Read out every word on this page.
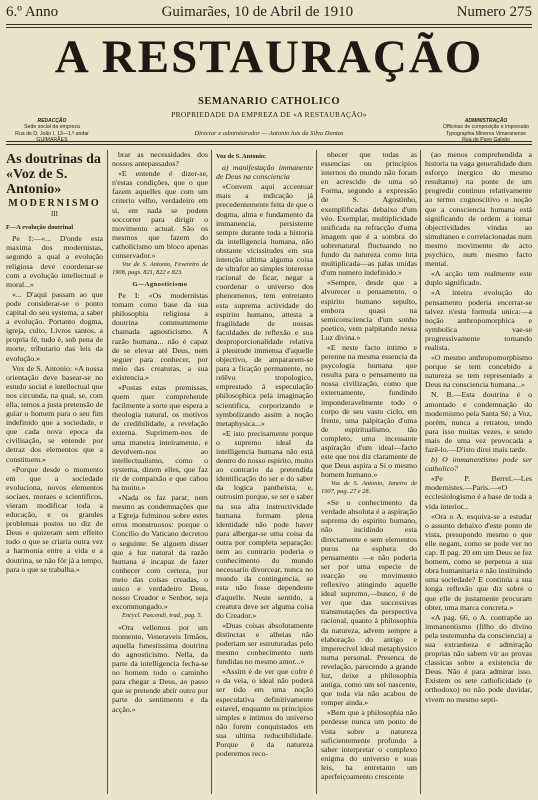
6.º Anno	Guimarães, 10 de Abril de 1910	Numero 275
A RESTAURAÇÃO
SEMANARIO CATHOLICO
PROPRIEDADE DA EMPREZA DE «A RESTAURAÇÃO»
REDACÇÃO
Sede social da empreza
Rua de D. João I, 13—1.º andar
GUIMARÃES
ADMINISTRAÇÃO
Officinas de composição e impressão
Typographia Minerva Vimaranense
Rua de Payo Galvão
Director e administrador — Antonio luis da Silva Dantas
As doutrinas da «Voz de S. Antonio»
MODERNISMO
III
F—A evolução doutrinal

Pe I:—«... D'onde esta maxima dos modernistas, segundo a qual a evolução religiosa deve coordenar-se com a evolução intellectual e moral...»

«... D'aqui passam ao que pode considerar-se o ponto capital do seu systema, a saber a evolução. Portanto dogma, igreja, culto, Livros santos, a propria fé, tudo é, sob pena de morte, tributario das leis da evolução.»

Vox de S. Antonio: «A nossa orientação deve basear-se no estudo social e intellectual que nos circunda, na qual, se, com ella, temos a justa pretensão de guiar o homem para o seu fim indefinido que a sociedade, e que cada nova epoca da civilisação, se entende por detraz dos elementos que a constituem.»

«Porque desde o momento em que a sociedade evoluciona, novos elementos sociaes, moraes e scientificos, vieram modificar toda a educação, e os grandes problemas postos no diz de Deus e quizeram sem effeito tudo o que se criaria outra vez a harmonia entre a vida e a doutrina, se não fôr já a tempo, para o que se trabalha.»

brar as necessidades dos nossos antepassados?

«E entende é dizer-se, n'estas condições, que o que fazem aquelles que com um criterio velho, verdadeiro em si, em nada se podem soccorrer para dirigir o movimento actual. São os mesmos que fazem do catholicismo um bloco apenas conservador.»

Voz de S. Antonio, Fevereiro de 1908, pags. 821, 822 e 823.

G—Agnosticismo

Pe I: «Os modernistas tomam como base da sua philosophia religiosa a doutrina commummente chamada agnosticismo. A razão humana... não é capaz de se elevar até Deus, nem seguer para conhecer, por meio das creaturas, a sua existencia.»

«Postas estas premissas, quem quer comprehende facilmente a sorte que espera a theologia natural, os motivos de credibilidade, a revelação externa. Suprimem-nos de uma maneira inteiramente, e devolvem-nos ao intellectualismo, como o systema, dizem elles, que faz rir de compaixão e que cahou ha muito.»

«Nada os faz parar, nem mesmo as condemnações que a Egreja fulminou sobre estes erros monstruosos: porque o Concilio do Vaticano decretou o seguinte: Se alguem disser que a luz natural da razão humana é incapaz de fazer conhecer com certeza, por meio das coisas creadas, o unico e verdadeiro Deus, nosso Creador e Senhor, seja excommungado.»

Encycl. Pascendi, trad., pag. 5.

«Ora vellemos por um momento, Veneraveis Irmãos, aquella funestissima doutrina do agnosticismo. Nella, da parte da intelligencia fecha-se no homem todo o caminho para chegar a Deus, ao passo que se pretende abrir outro por parte do sentimento e da acção.»

Voz de S. Antonio:

a) manifestação immanente de Deus na consciencia

«Convem aqui accentuar mais a indicação já precedentemente feita de que o dogma, alma e fundamento da immanencia, persistente sempre durante toda a historia da intelligencia humana, não obstante vicissitudes em sua intenção ultima alguma coisa de ultrafor ao simples interesse racional de ficar, negar a coordenar o universo dos phenomenos, tem entretanto esta suprema actividade do espirito humano, attesta a fragilidade de nossas faculdades de reflexão e sua desproporcionalidade relativa á plenitude immensa d'aquelle objectivo, de ampararem-se para a ficação permanente, no relêvo tropologico, emprestado á especulação philosophica pela imaginação scientifica, corporizando e symbolizando assim a noção metaphysica...»

«E isto precisamente porque o supremo ideal da intelligencia humana não está dentro do nosso espirito, muito ao contrario da pretendida identificação do ser e do saber da logica pantheista, e, outrosim porque, se ser e saber na sua alta instructividade humana formam plena identidade não pode haver para albergar-se uma coisa da outra por completa separação: nem ao contrario poderia o conhecimento do mundo necessario divorcear, nunca no mundo da contingencia, se esta não fosse dependente d'aquelle. Neste sentido, a creatura deve ser alguma coisa do Creador.»

«Duas coisas absolutamente distinctas e alheias não poderiam ser estruturadas pelo mesmo conhecimento nem fundidas no mesmo amor...»

«Assim é de ver que cofre é o da veia, o ideal não poderá ser tido em uma noção especulativa definitivamente estavel, enquanto os principios simples e intimos do universo não forem conquistados em sua ultima reductibilidade. Porque é da natureza poderemos reco-

nhecer que todas as essencias ou principios internos do mundo não foram en acrescido de uma só Forma, segundo a expressão de S. Agostinho, exemplificadas debaixo d'um véo. Exemplar, multiplicidade unificada na refracção d'uma imagem que é a sombra do sobrenatural fluctuando no fundo da natureza como luta multiplicada—as palas unidas d'um numero indefinido.»

«Sempre, desde que a alvorecer o pensamento, o espirito humano sepulto, embora quasi na semiconsciencia d'um sonho poetico, vem palpitando nessa Luz divina.»

«E neste facto intimo e perenne na mesma essencia da psycologia humana que resulta para o pensamento na nossa civilização, como que externamente, fundindo imponderavelmente todo o corpo de seu vasto ciclo, em frente, uma palpitação d'uma de espiritualismo, tão completo, uma incessante aspiração d'um ideal—facto este que nos diz claramente de que Deus aspira a Si o mesmo homem humano.»

Voz de S. Antonio, Janeiro de 1907, pag. 27 e 28.

«Se o conhecimento da verdade absoluta é a aspiração suprema do espirito humano, não incidindo esta directamente e sem elementos puros na esphera do pensamento —e não poderia ser por uma especie de reacção ou movimento reflexivo atingindo aquelle ideal supremo,—busco, é de ver que das successivas transmutações da perspectiva racional, quanto á philosophia da natureza, advem sempre a elaboração do antigo e imperecivel ideal metaphysico numa personal. Presenca de revelação, parecendo a grande luz, deixe a philosophia antiga, como um sol nascente, que toda via não acabou de romper ainda.»

«Bem que a philosophia não perdesse nunca um ponto de vista sobre a natureza suficientemente profundo a saber interpretar o complexo enigma do universo e suas leis, ha entretanto um aperfeiçoamento crescente

(ao menos comprehendida a historia na vaga generalidade dum esforço inergico do mesmo resultante) na ponte de um progredir continuo relativamente ao termo cognoscitivo o noção que a consciencia humana está significando de ordem a tomar objectividades vindas ao simultaneo e correlacionadas num mesmo movimento de acto psychico, num mesmo facto mental.

«A acção tem realmente este duplo significado.

«A inteira evolução do pensamento poderia encerrar-se talvez n'esta formula unica:—a noção anthropomorphica e symbolica vae-se progressivamente tornando realista.

«O mesmo anthropomorphismo porque se tem concebido a natureza se tem representado a Deus na consciencia humana...»

N. B.—Esta doutrina é o amontado e condemnação do modernismo pela Santa Sé; a Voz, porém, nunca a retratou, tendo para isso muitas vezes, e sendo mais de uma vez provocada a fazê-lo.—D'isto direi mais tarde.

b) O immanentismo pode ser catholico?

«Pe P. Berrel.—Les modernistes.—Paris.—«O ecclesiologismo é a base de toda a vida interior...

«Ora o A. esquiva-se a estudar o assunto debaixo d'este ponto de vista, presupondo mesmo o que elle negam, como se pode ver no cap. II pag. 20 em um Deus se fez homem, como se perpetua a sua obra humanitaria e não instituindo uma sociedade? E continúa a sua longa reflexão que diz sobre o que elle de justamente procuram obter, uma marca concreta.»

«A pag. 66, o A. contrapõe ao immanentismo (filho do divino pela testemunha da consciencia) a sua extranheza e admiração proprias não sabem vir ao provas classicas sobre a existencia de Deus. Não é para admirar isso. Existem os sete catholicidade (e orthodoxo) no não pode duvidar, vivem no mesmo septi-
